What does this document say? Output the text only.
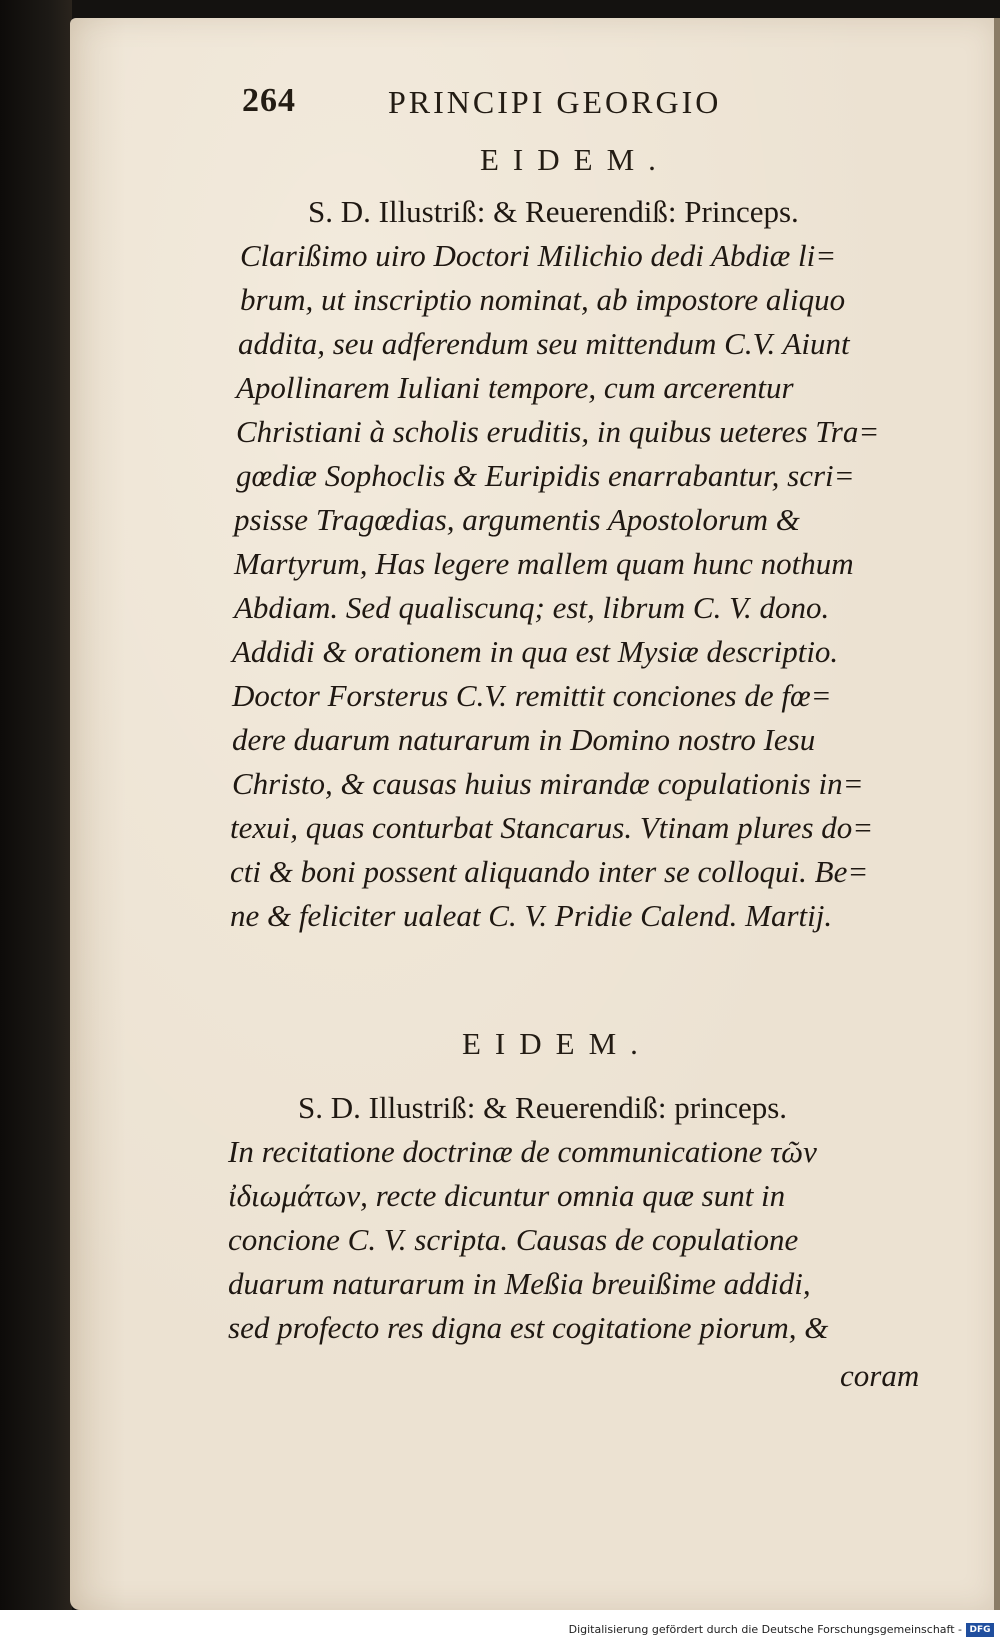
264	PRINCIPI GEORGIO
EIDEM.
S. D. Illustriß: & Reuerendiß: Princeps.
Clarißimo uiro Doctori Milichio dedi Abdiæ li=
brum, ut inscriptio nominat, ab impostore aliquo
addita, seu adferendum seu mittendum C.V. Aiunt
Apollinarem Iuliani tempore, cum arcerentur
Christiani à scholis eruditis, in quibus ueteres Tra=
gœdiæ Sophoclis & Euripidis enarrabantur, scri=
psisse Tragœdias, argumentis Apostolorum &
Martyrum, Has legere mallem quam hunc nothum
Abdiam. Sed qualiscunq; est, librum C. V. dono.
Addidi & orationem in qua est Mysiæ descriptio.
Doctor Forsterus C.V. remittit conciones de fœ=
dere duarum naturarum in Domino nostro Iesu
Christo, & causas huius mirandæ copulationis in=
texui, quas conturbat Stancarus. Vtinam plures do=
cti & boni possent aliquando inter se colloqui. Be=
ne & feliciter ualeat C. V. Pridie Calend. Martij.
EIDEM.
S. D. Illustriß: & Reuerendiß: princeps.
In recitatione doctrinæ de communicatione τῶν
ἰδιωμάτων, recte dicuntur omnia quæ sunt in
concione C. V. scripta. Causas de copulatione
duarum naturarum in Meßia breuißime addidi,
sed profecto res digna est cogitatione piorum, &
coram
Digitalisierung gefördert durch die Deutsche Forschungsgemeinschaft - DFG
